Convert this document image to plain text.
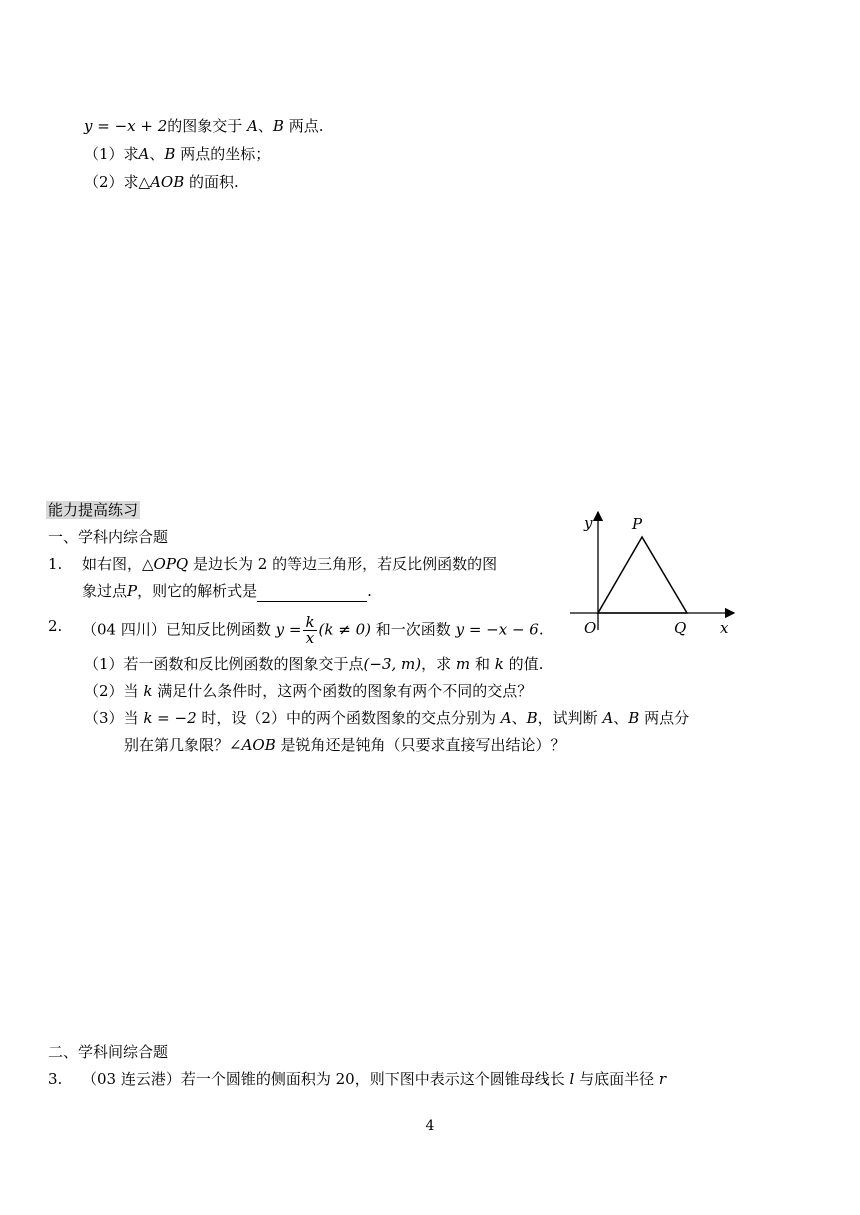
y = −x + 2的图象交于 A、B 两点.
（1）求A、B 两点的坐标；
（2）求△AOB 的面积.
能力提高练习
一、学科内综合题
1. 如右图，△OPQ 是边长为 2 的等边三角形，若反比例函数的图
象过点P，则它的解析式是	.
2. （04 四川）已知反比例函数 $y = \frac{k}{x} (k \ne 0)$ 和一次函数 y = −x − 6.
（1）若一函数和反比例函数的图象交于点(−3, m)，求 m 和 k 的值.
（2）当 k 满足什么条件时，这两个函数的图象有两个不同的交点？
（3）当 k = −2 时，设（2）中的两个函数图象的交点分别为 A、B，试判断 A、B 两点分
别在第几象限？∠AOB 是锐角还是钝角（只要求直接写出结论）？
y	P
O	Q x
二、学科间综合题
3. （03 连云港）若一个圆锥的侧面积为 20，则下图中表示这个圆锥母线长 l 与底面半径 r
4
